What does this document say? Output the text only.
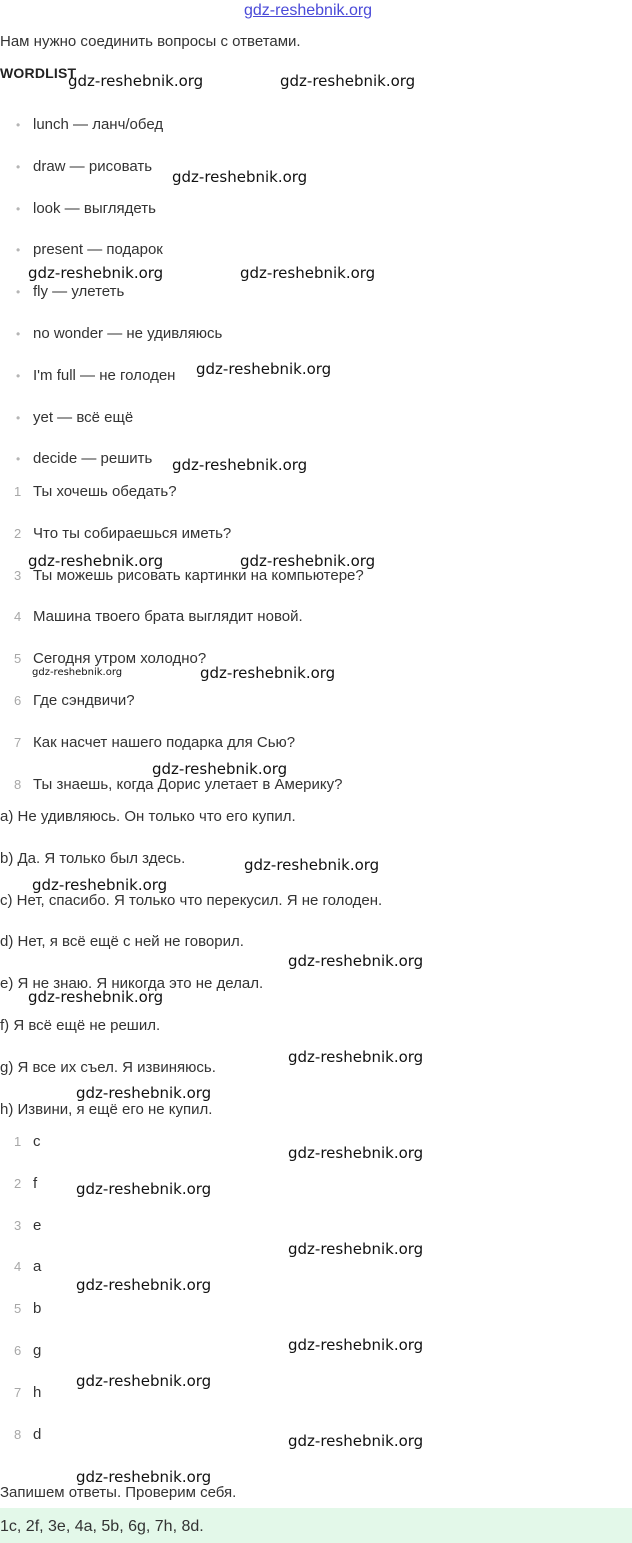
gdz-reshebnik.org
Нам нужно соединить вопросы с ответами.
WORDLIST
• lunch — ланч/обед
• draw — рисовать
• look — выглядеть
• present — подарок
• fly — улететь
• no wonder — не удивляюсь
• I'm full — не голоден
• yet — всё ещё
• decide — решить
1 Ты хочешь обедать?
2 Что ты собираешься иметь?
3 Ты можешь рисовать картинки на компьютере?
4 Машина твоего брата выглядит новой.
5 Сегодня утром холодно?
6 Где сэндвичи?
7 Как насчет нашего подарка для Сью?
8 Ты знаешь, когда Дорис улетает в Америку?
a) Не удивляюсь. Он только что его купил.
b) Да. Я только был здесь.
c) Нет, спасибо. Я только что перекусил. Я не голоден.
d) Нет, я всё ещё с ней не говорил.
e) Я не знаю. Я никогда это не делал.
f) Я всё ещё не решил.
g) Я все их съел. Я извиняюсь.
h) Извини, я ещё его не купил.
1 c
2 f
3 e
4 a
5 b
6 g
7 h
8 d
Запишем ответы. Проверим себя.
1c, 2f, 3e, 4a, 5b, 6g, 7h, 8d.
gdz-reshebnik.org	gdz-reshebnik.org
gdz-reshebnik.org
gdz-reshebnik.org	gdz-reshebnik.org
gdz-reshebnik.org
gdz-reshebnik.org
gdz-reshebnik.org	gdz-reshebnik.org
gdz-reshebnik.org	gdz-reshebnik.org
gdz-reshebnik.org
gdz-reshebnik.org
gdz-reshebnik.org
gdz-reshebnik.org
gdz-reshebnik.org
gdz-reshebnik.org
gdz-reshebnik.org
gdz-reshebnik.org
gdz-reshebnik.org
gdz-reshebnik.org
gdz-reshebnik.org
gdz-reshebnik.org
gdz-reshebnik.org
gdz-reshebnik.org
gdz-reshebnik.org
